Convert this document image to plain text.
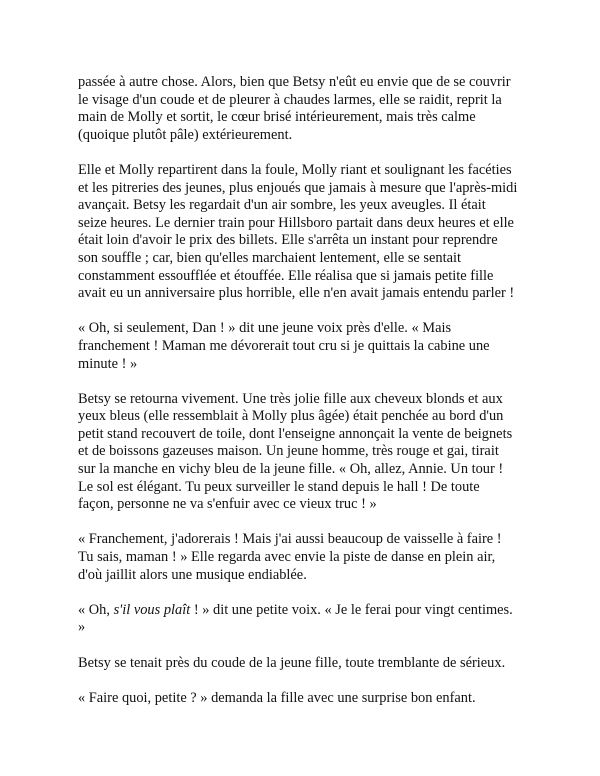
passée à autre chose. Alors, bien que Betsy n'eût eu envie que de se couvrir
le visage d'un coude et de pleurer à chaudes larmes, elle se raidit, reprit la
main de Molly et sortit, le cœur brisé intérieurement, mais très calme
(quoique plutôt pâle) extérieurement.

Elle et Molly repartirent dans la foule, Molly riant et soulignant les facéties
et les pitreries des jeunes, plus enjoués que jamais à mesure que l'après-midi
avançait. Betsy les regardait d'un air sombre, les yeux aveugles. Il était
seize heures. Le dernier train pour Hillsboro partait dans deux heures et elle
était loin d'avoir le prix des billets. Elle s'arrêta un instant pour reprendre
son souffle ; car, bien qu'elles marchaient lentement, elle se sentait
constamment essoufflée et étouffée. Elle réalisa que si jamais petite fille
avait eu un anniversaire plus horrible, elle n'en avait jamais entendu parler !

« Oh, si seulement, Dan ! » dit une jeune voix près d'elle. « Mais
franchement ! Maman me dévorerait tout cru si je quittais la cabine une
minute ! »

Betsy se retourna vivement. Une très jolie fille aux cheveux blonds et aux
yeux bleus (elle ressemblait à Molly plus âgée) était penchée au bord d'un
petit stand recouvert de toile, dont l'enseigne annonçait la vente de beignets
et de boissons gazeuses maison. Un jeune homme, très rouge et gai, tirait
sur la manche en vichy bleu de la jeune fille. « Oh, allez, Annie. Un tour !
Le sol est élégant. Tu peux surveiller le stand depuis le hall ! De toute
façon, personne ne va s'enfuir avec ce vieux truc ! »

« Franchement, j'adorerais ! Mais j'ai aussi beaucoup de vaisselle à faire !
Tu sais, maman ! » Elle regarda avec envie la piste de danse en plein air,
d'où jaillit alors une musique endiablée.

« Oh, s'il vous plaît ! » dit une petite voix. « Je le ferai pour vingt centimes.
»

Betsy se tenait près du coude de la jeune fille, toute tremblante de sérieux.

« Faire quoi, petite ? » demanda la fille avec une surprise bon enfant.
